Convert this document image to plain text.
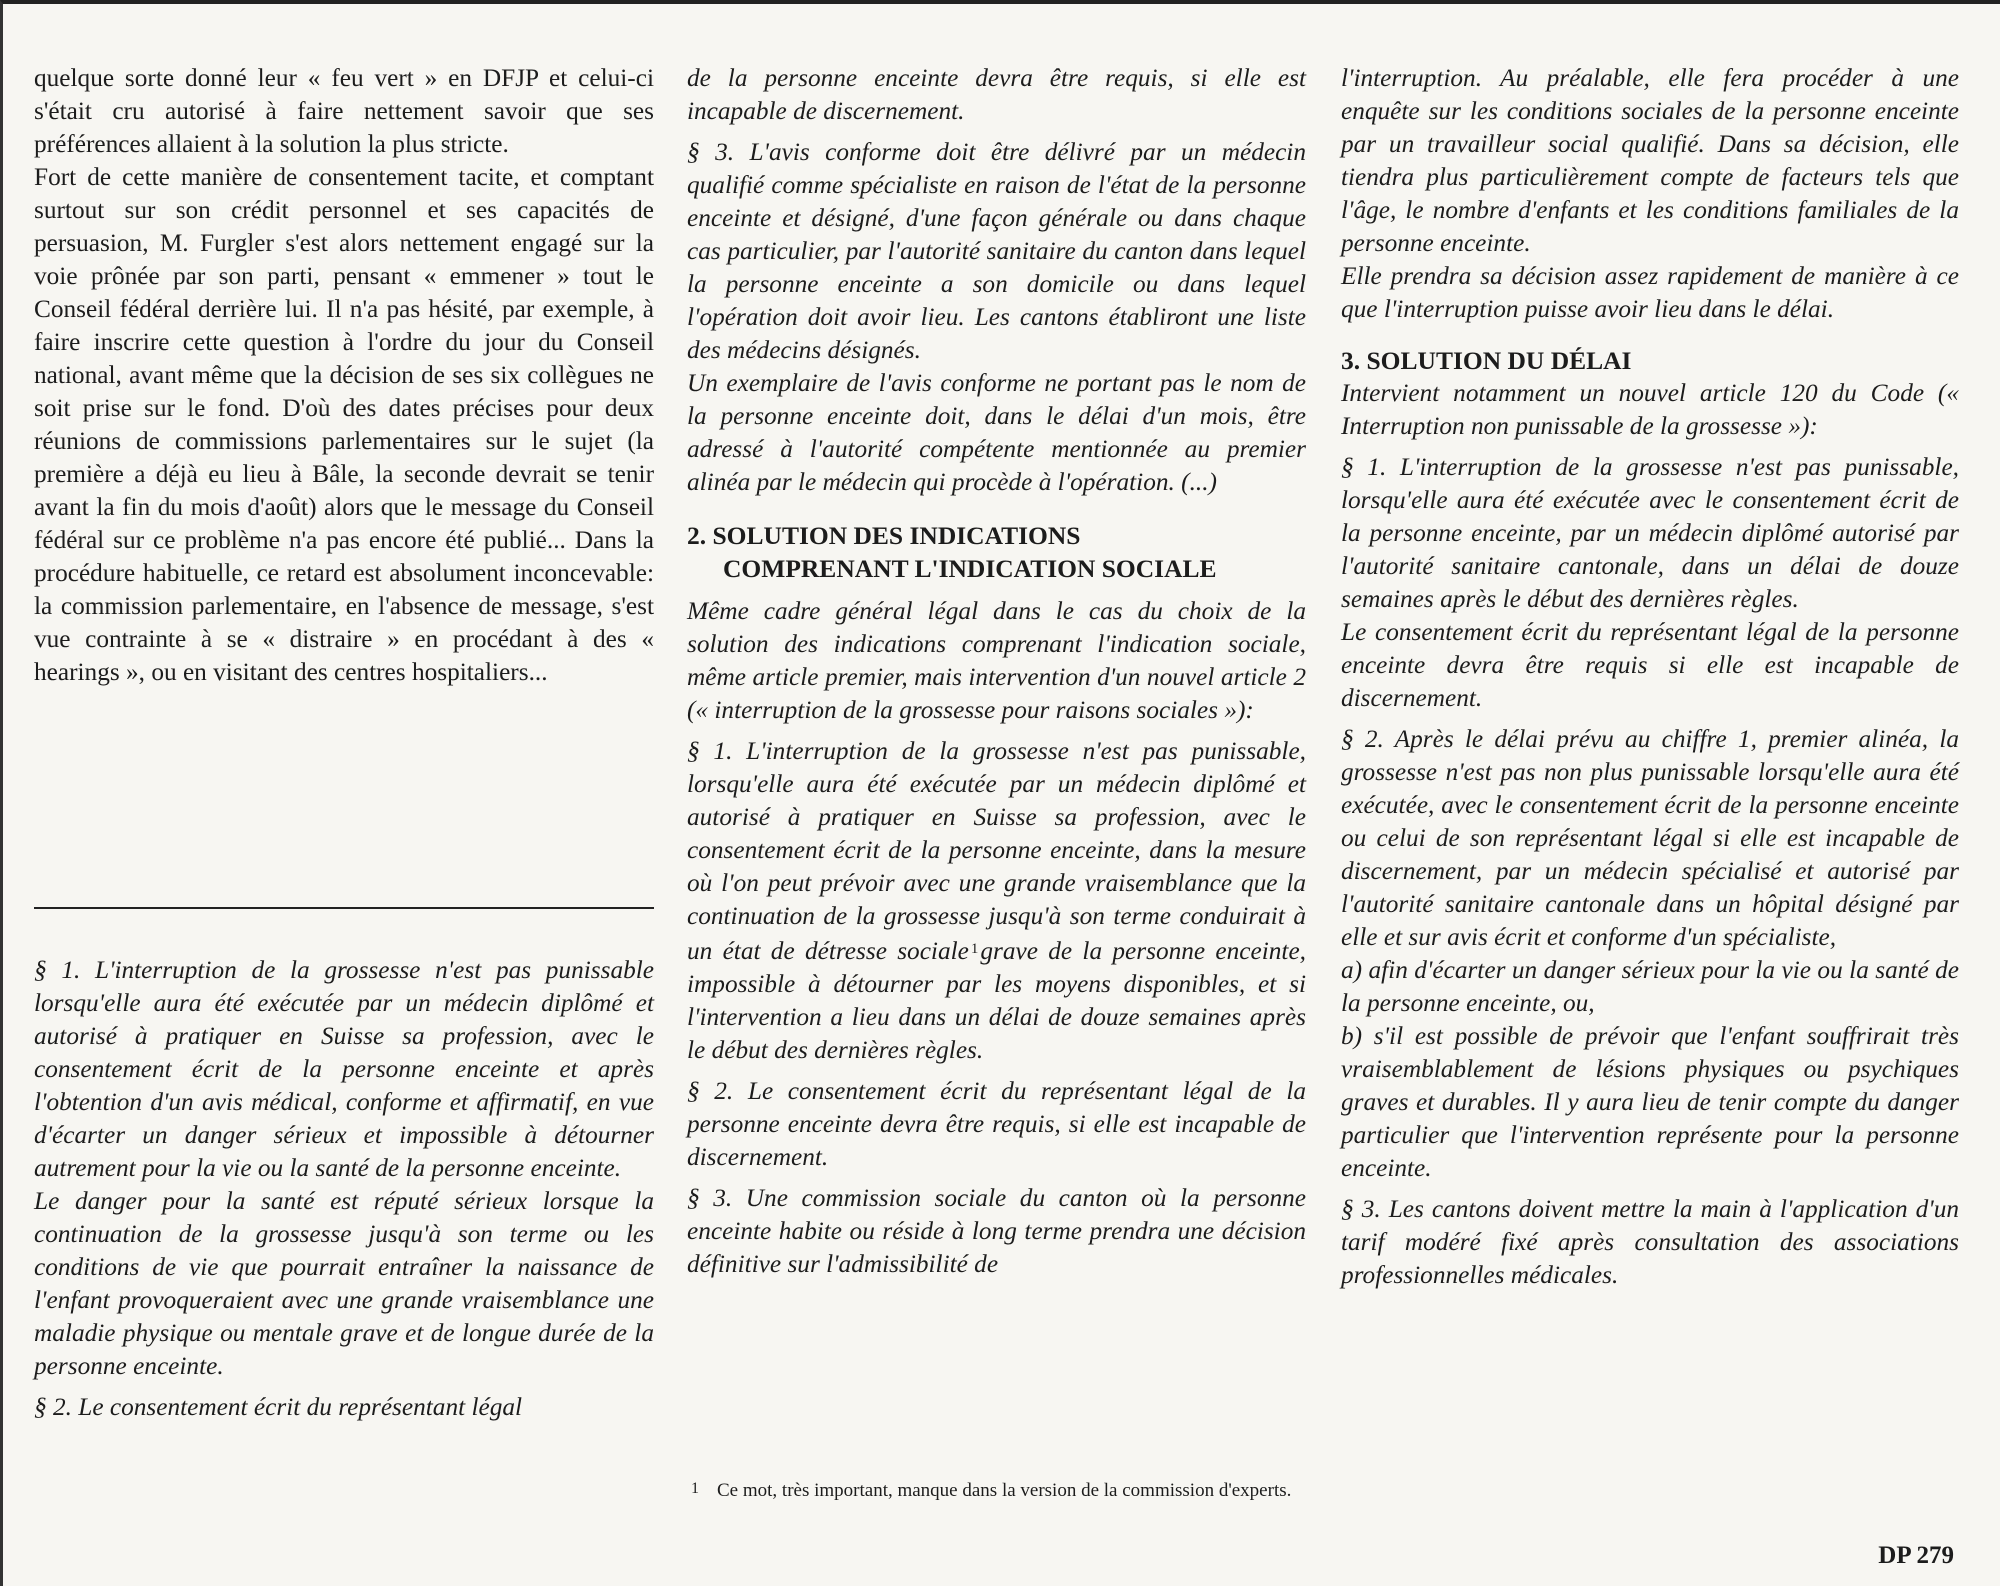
quelque sorte donné leur « feu vert » en DFJP et celui-ci s'était cru autorisé à faire nettement savoir que ses préférences allaient à la solution la plus stricte.

Fort de cette manière de consentement tacite, et comptant surtout sur son crédit personnel et ses capacités de persuasion, M. Furgler s'est alors nettement engagé sur la voie prônée par son parti, pensant « emmener » tout le Conseil fédéral derrière lui. Il n'a pas hésité, par exemple, à faire inscrire cette question à l'ordre du jour du Conseil national, avant même que la décision de ses six collègues ne soit prise sur le fond. D'où des dates précises pour deux réunions de commissions parlementaires sur le sujet (la première a déjà eu lieu à Bâle, la seconde devrait se tenir avant la fin du mois d'août) alors que le message du Conseil fédéral sur ce problème n'a pas encore été publié... Dans la procédure habituelle, ce retard est absolument inconcevable: la commission parlementaire, en l'absence de message, s'est vue contrainte à se « distraire » en procédant à des « hearings », ou en visitant des centres hospitaliers...

§ 1. L'interruption de la grossesse n'est pas punissable lorsqu'elle aura été exécutée par un médecin diplômé et autorisé à pratiquer en Suisse sa profession, avec le consentement écrit de la personne enceinte et après l'obtention d'un avis médical, conforme et affirmatif, en vue d'écarter un danger sérieux et impossible à détourner autrement pour la vie ou la santé de la personne enceinte.

Le danger pour la santé est réputé sérieux lorsque la continuation de la grossesse jusqu'à son terme ou les conditions de vie que pourrait entraîner la naissance de l'enfant provoqueraient avec une grande vraisemblance une maladie physique ou mentale grave et de longue durée de la personne enceinte.

§ 2. Le consentement écrit du représentant légal

de la personne enceinte devra être requis, si elle est incapable de discernement.

§ 3. L'avis conforme doit être délivré par un médecin qualifié comme spécialiste en raison de l'état de la personne enceinte et désigné, d'une façon générale ou dans chaque cas particulier, par l'autorité sanitaire du canton dans lequel la personne enceinte a son domicile ou dans lequel l'opération doit avoir lieu. Les cantons établiront une liste des médecins désignés.

Un exemplaire de l'avis conforme ne portant pas le nom de la personne enceinte doit, dans le délai d'un mois, être adressé à l'autorité compétente mentionnée au premier alinéa par le médecin qui procède à l'opération. (...)

2. SOLUTION DES INDICATIONS
COMPRENANT L'INDICATION SOCIALE

Même cadre général légal dans le cas du choix de la solution des indications comprenant l'indication sociale, même article premier, mais intervention d'un nouvel article 2 (« interruption de la grossesse pour raisons sociales »):

§ 1. L'interruption de la grossesse n'est pas punissable, lorsqu'elle aura été exécutée par un médecin diplômé et autorisé à pratiquer en Suisse sa profession, avec le consentement écrit de la personne enceinte, dans la mesure où l'on peut prévoir avec une grande vraisemblance que la continuation de la grossesse jusqu'à son terme conduirait à un état de détresse sociale $^1$grave de la personne enceinte, impossible à détourner par les moyens disponibles, et si l'intervention a lieu dans un délai de douze semaines après le début des dernières règles.

§ 2. Le consentement écrit du représentant légal de la personne enceinte devra être requis, si elle est incapable de discernement.

§ 3. Une commission sociale du canton où la personne enceinte habite ou réside à long terme prendra une décision définitive sur l'admissibilité de

1 Ce mot, très important, manque dans la version de la commission d'experts.

l'interruption. Au préalable, elle fera procéder à une enquête sur les conditions sociales de la personne enceinte par un travailleur social qualifié. Dans sa décision, elle tiendra plus particulièrement compte de facteurs tels que l'âge, le nombre d'enfants et les conditions familiales de la personne enceinte.

Elle prendra sa décision assez rapidement de manière à ce que l'interruption puisse avoir lieu dans le délai.

3. SOLUTION DU DÉLAI

Intervient notamment un nouvel article 120 du Code (« Interruption non punissable de la grossesse »):

§ 1. L'interruption de la grossesse n'est pas punissable, lorsqu'elle aura été exécutée avec le consentement écrit de la personne enceinte, par un médecin diplômé autorisé par l'autorité sanitaire cantonale, dans un délai de douze semaines après le début des dernières règles.

Le consentement écrit du représentant légal de la personne enceinte devra être requis si elle est incapable de discernement.

§ 2. Après le délai prévu au chiffre 1, premier alinéa, la grossesse n'est pas non plus punissable lorsqu'elle aura été exécutée, avec le consentement écrit de la personne enceinte ou celui de son représentant légal si elle est incapable de discernement, par un médecin spécialisé et autorisé par l'autorité sanitaire cantonale dans un hôpital désigné par elle et sur avis écrit et conforme d'un spécialiste,

a) afin d'écarter un danger sérieux pour la vie ou la santé de la personne enceinte, ou,

b) s'il est possible de prévoir que l'enfant souffrirait très vraisemblablement de lésions physiques ou psychiques graves et durables. Il y aura lieu de tenir compte du danger particulier que l'intervention représente pour la personne enceinte.

§ 3. Les cantons doivent mettre la main à l'application d'un tarif modéré fixé après consultation des associations professionnelles médicales.

DP 279
